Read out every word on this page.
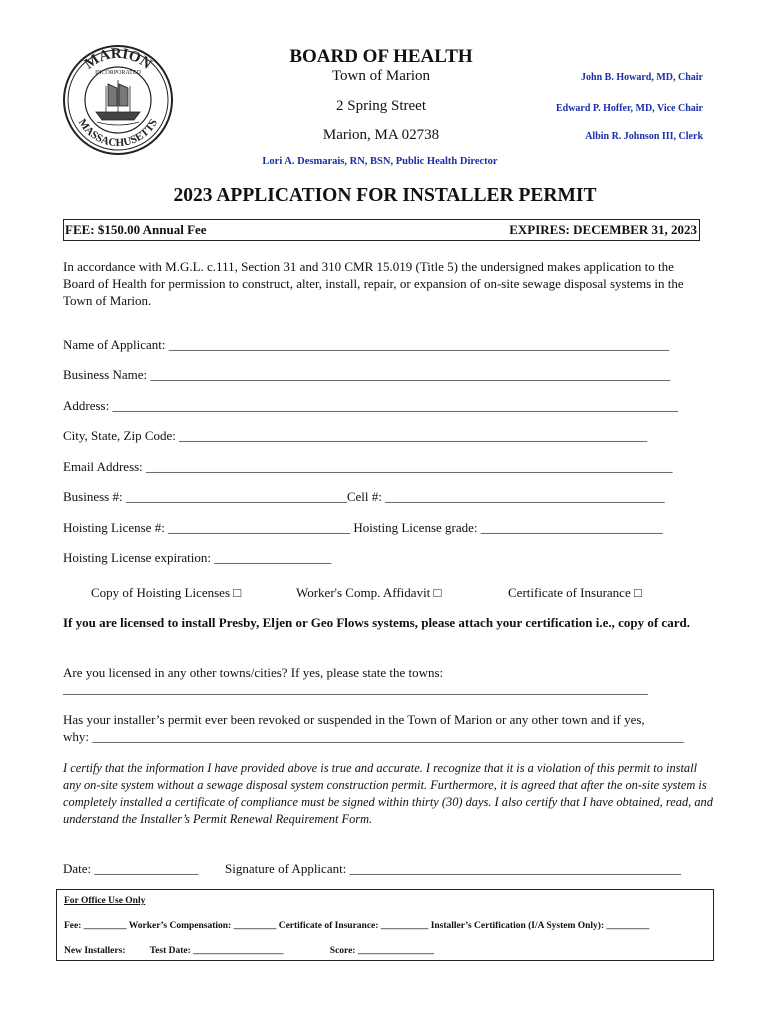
MARION
INCORPORATED
MASSACHUSETTS
BOARD OF HEALTH
Town of Marion
2 Spring Street
Marion, MA 02738
John B. Howard, MD, Chair
Edward P. Hoffer, MD, Vice Chair
Albin R. Johnson III, Clerk
Lori A. Desmarais, RN, BSN, Public Health Director
2023 APPLICATION FOR INSTALLER PERMIT
FEE: $150.00 Annual Fee	EXPIRES: DECEMBER 31, 2023
In accordance with M.G.L. c.111, Section 31 and 310 CMR 15.019 (Title 5) the undersigned makes application to the Board of Health for permission to construct, alter, install, repair, or expansion of on-site sewage disposal systems in the Town of Marion.
Name of Applicant: _____________________________________________________________________________
Business Name: ________________________________________________________________________________
Address: _______________________________________________________________________________________
City, State, Zip Code: ________________________________________________________________________
Email Address: _________________________________________________________________________________
Business #: __________________________________Cell #: ___________________________________________
Hoisting License #: ____________________________ Hoisting License grade: ____________________________
Hoisting License expiration: __________________
Copy of Hoisting Licenses □	Worker's Comp. Affidavit □	Certificate of Insurance □
If you are licensed to install Presby, Eljen or Geo Flows systems, please attach your certification i.e., copy of card.
Are you licensed in any other towns/cities? If yes, please state the towns:
__________________________________________________________________________________________
Has your installer’s permit ever been revoked or suspended in the Town of Marion or any other town and if yes,
why: ___________________________________________________________________________________________
I certify that the information I have provided above is true and accurate. I recognize that it is a violation of this permit to install any on-site system without a sewage disposal system construction permit. Furthermore, it is agreed that after the on-site system is completely installed a certificate of compliance must be signed within thirty (30) days. I also certify that I have obtained, read, and understand the Installer’s Permit Renewal Requirement Form.
Date: ________________ Signature of Applicant: ___________________________________________________
For Office Use Only
Fee: _________ Worker’s Compensation: _________ Certificate of Insurance: __________ Installer’s Certification (I/A System Only): _________
New Installers:	Test Date: ___________________	Score: ________________
